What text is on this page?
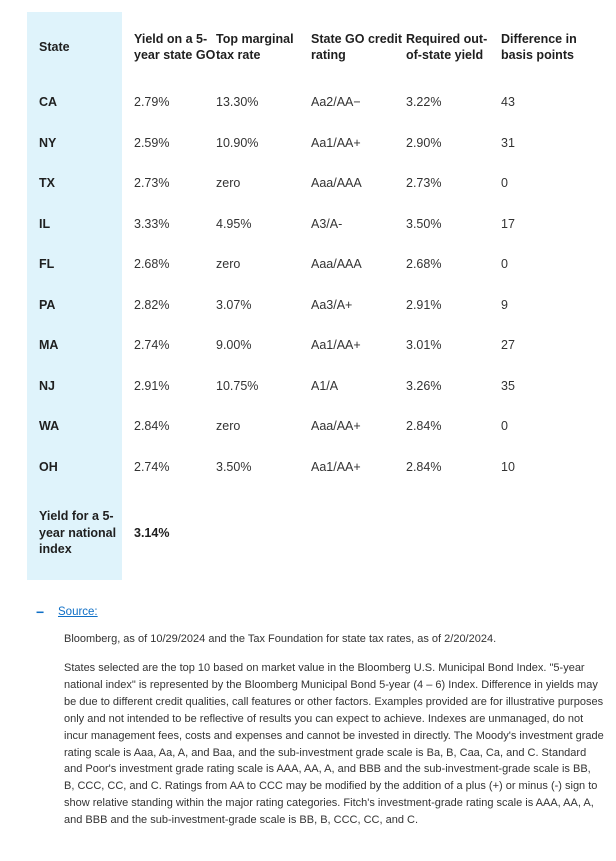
State	Yield on a 5-year state GO	Top marginal tax rate	State GO credit rating	Required out-of-state yield	Difference in basis points
CA	2.79%	13.30%	Aa2/AA−	3.22%	43
NY	2.59%	10.90%	Aa1/AA+	2.90%	31
TX	2.73%	zero	Aaa/AAA	2.73%	0
IL	3.33%	4.95%	A3/A-	3.50%	17
FL	2.68%	zero	Aaa/AAA	2.68%	0
PA	2.82%	3.07%	Aa3/A+	2.91%	9
MA	2.74%	9.00%	Aa1/AA+	3.01%	27
NJ	2.91%	10.75%	A1/A	3.26%	35
WA	2.84%	zero	Aaa/AA+	2.84%	0
OH	2.74%	3.50%	Aa1/AA+	2.84%	10
Yield for a 5-year national index	3.14%				
−	Source:
Bloomberg, as of 10/29/2024 and the Tax Foundation for state tax rates, as of 2/20/2024.
States selected are the top 10 based on market value in the Bloomberg U.S. Municipal Bond Index. "5-year national index" is represented by the Bloomberg Municipal Bond 5-year (4 – 6) Index. Difference in yields may be due to different credit qualities, call features or other factors. Examples provided are for illustrative purposes only and not intended to be reflective of results you can expect to achieve. Indexes are unmanaged, do not incur management fees, costs and expenses and cannot be invested in directly. The Moody's investment grade rating scale is Aaa, Aa, A, and Baa, and the sub-investment grade scale is Ba, B, Caa, Ca, and C. Standard and Poor's investment grade rating scale is AAA, AA, A, and BBB and the sub-investment-grade scale is BB, B, CCC, CC, and C. Ratings from AA to CCC may be modified by the addition of a plus (+) or minus (-) sign to show relative standing within the major rating categories. Fitch's investment-grade rating scale is AAA, AA, A, and BBB and the sub-investment-grade scale is BB, B, CCC, CC, and C.
